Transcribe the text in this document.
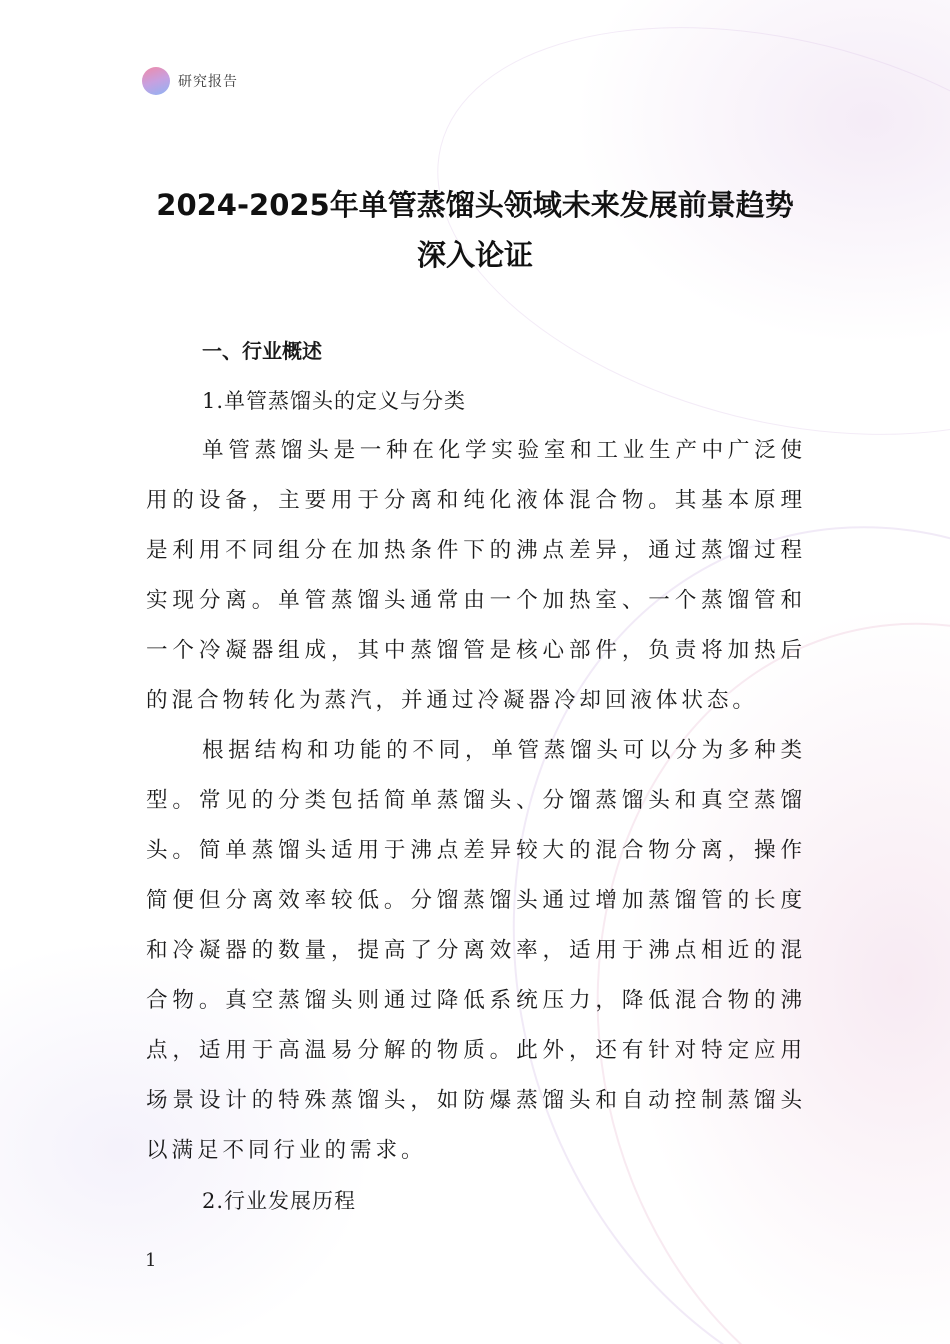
研究报告
2024-2025年单管蒸馏头领域未来发展前景趋势
深入论证

一、行业概述

1.单管蒸馏头的定义与分类

单管蒸馏头是一种在化学实验室和工业生产中广泛使用的设备，主要用于分离和纯化液体混合物。其基本原理是利用不同组分在加热条件下的沸点差异，通过蒸馏过程实现分离。单管蒸馏头通常由一个加热室、一个蒸馏管和一个冷凝器组成，其中蒸馏管是核心部件，负责将加热后的混合物转化为蒸汽，并通过冷凝器冷却回液体状态。

根据结构和功能的不同，单管蒸馏头可以分为多种类型。常见的分类包括简单蒸馏头、分馏蒸馏头和真空蒸馏头。简单蒸馏头适用于沸点差异较大的混合物分离，操作简便但分离效率较低。分馏蒸馏头通过增加蒸馏管的长度和冷凝器的数量，提高了分离效率，适用于沸点相近的混合物。真空蒸馏头则通过降低系统压力，降低混合物的沸点，适用于高温易分解的物质。此外，还有针对特定应用场景设计的特殊蒸馏头，如防爆蒸馏头和自动控制蒸馏头以满足不同行业的需求。

2.行业发展历程

1
